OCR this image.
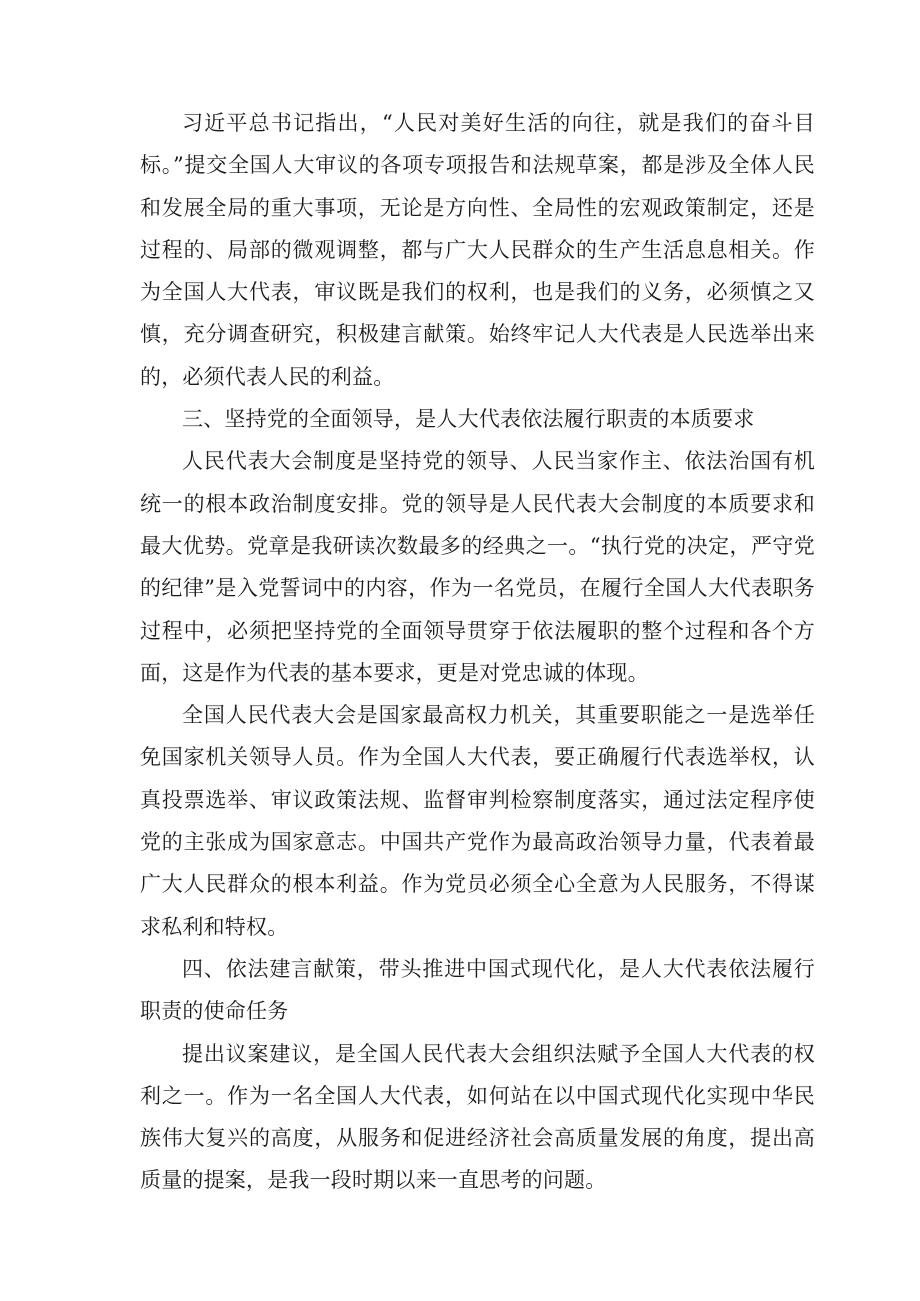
习近平总书记指出，“人民对美好生活的向往，就是我们的奋斗目标。”提交全国人大审议的各项专项报告和法规草案，都是涉及全体人民和发展全局的重大事项，无论是方向性、全局性的宏观政策制定，还是过程的、局部的微观调整，都与广大人民群众的生产生活息息相关。作为全国人大代表，审议既是我们的权利，也是我们的义务，必须慎之又慎，充分调查研究，积极建言献策。始终牢记人大代表是人民选举出来的，必须代表人民的利益。

三、坚持党的全面领导，是人大代表依法履行职责的本质要求

人民代表大会制度是坚持党的领导、人民当家作主、依法治国有机统一的根本政治制度安排。党的领导是人民代表大会制度的本质要求和最大优势。党章是我研读次数最多的经典之一。“执行党的决定，严守党的纪律”是入党誓词中的内容，作为一名党员，在履行全国人大代表职务过程中，必须把坚持党的全面领导贯穿于依法履职的整个过程和各个方面，这是作为代表的基本要求，更是对党忠诚的体现。

全国人民代表大会是国家最高权力机关，其重要职能之一是选举任免国家机关领导人员。作为全国人大代表，要正确履行代表选举权，认真投票选举、审议政策法规、监督审判检察制度落实，通过法定程序使党的主张成为国家意志。中国共产党作为最高政治领导力量，代表着最广大人民群众的根本利益。作为党员必须全心全意为人民服务，不得谋求私利和特权。

四、依法建言献策，带头推进中国式现代化，是人大代表依法履行职责的使命任务

提出议案建议，是全国人民代表大会组织法赋予全国人大代表的权利之一。作为一名全国人大代表，如何站在以中国式现代化实现中华民族伟大复兴的高度，从服务和促进经济社会高质量发展的角度，提出高质量的提案，是我一段时期以来一直思考的问题。
